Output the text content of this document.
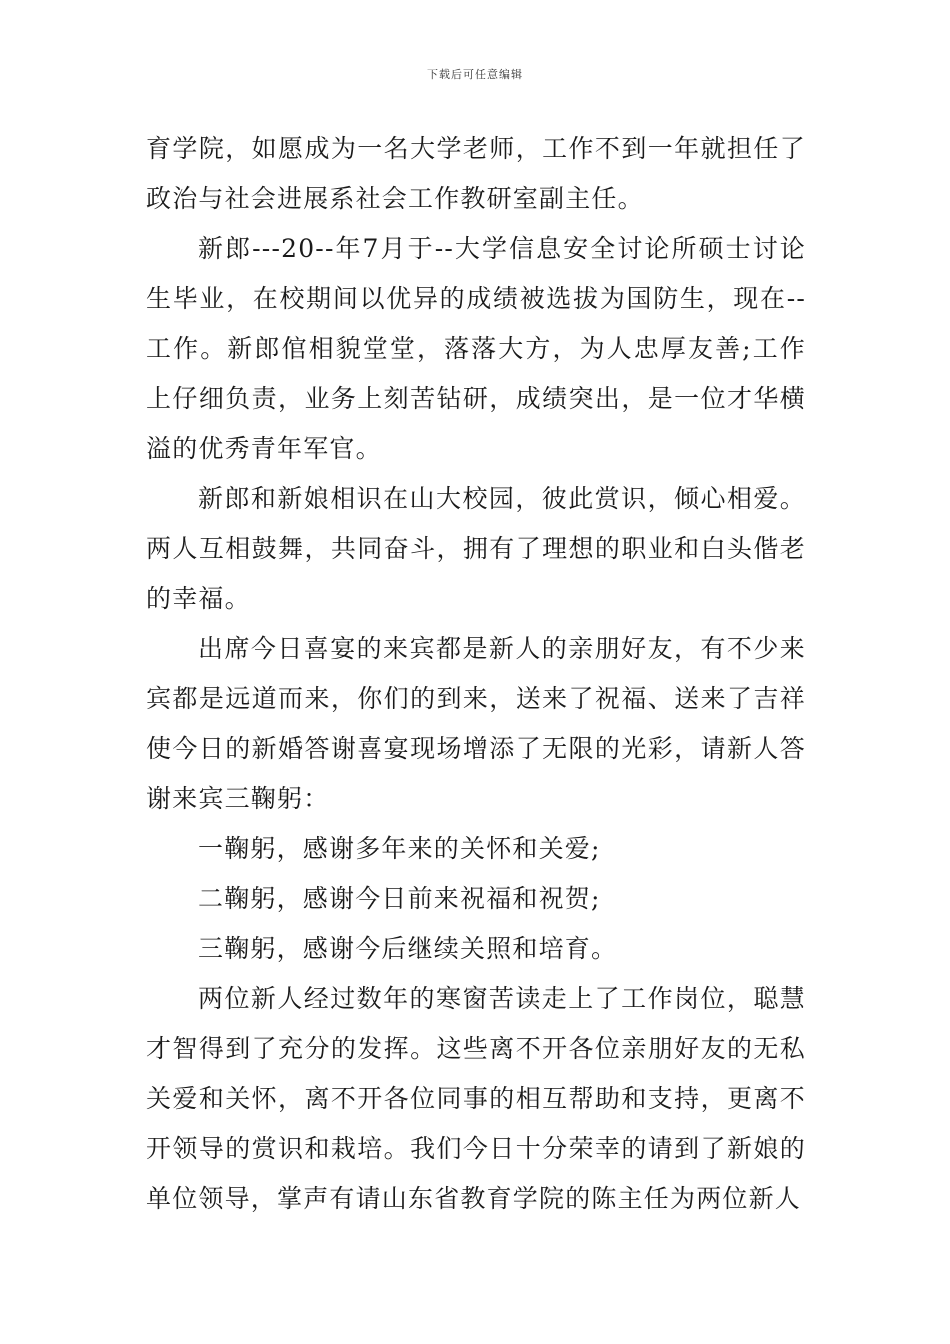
下载后可任意编辑

育学院，如愿成为一名大学老师，工作不到一年就担任了政治与社会进展系社会工作教研室副主任。

新郎---20--年7月于--大学信息安全讨论所硕士讨论生毕业，在校期间以优异的成绩被选拔为国防生，现在--工作。新郎倌相貌堂堂，落落大方，为人忠厚友善;工作上仔细负责，业务上刻苦钻研，成绩突出，是一位才华横溢的优秀青年军官。

新郎和新娘相识在山大校园，彼此赏识，倾心相爱。两人互相鼓舞，共同奋斗，拥有了理想的职业和白头偕老的幸福。

出席今日喜宴的来宾都是新人的亲朋好友，有不少来宾都是远道而来，你们的到来，送来了祝福、送来了吉祥使今日的新婚答谢喜宴现场增添了无限的光彩，请新人答谢来宾三鞠躬：

一鞠躬，感谢多年来的关怀和关爱;

二鞠躬，感谢今日前来祝福和祝贺;

三鞠躬，感谢今后继续关照和培育。

两位新人经过数年的寒窗苦读走上了工作岗位，聪慧才智得到了充分的发挥。这些离不开各位亲朋好友的无私关爱和关怀，离不开各位同事的相互帮助和支持，更离不开领导的赏识和栽培。我们今日十分荣幸的请到了新娘的单位领导，掌声有请山东省教育学院的陈主任为两位新人
